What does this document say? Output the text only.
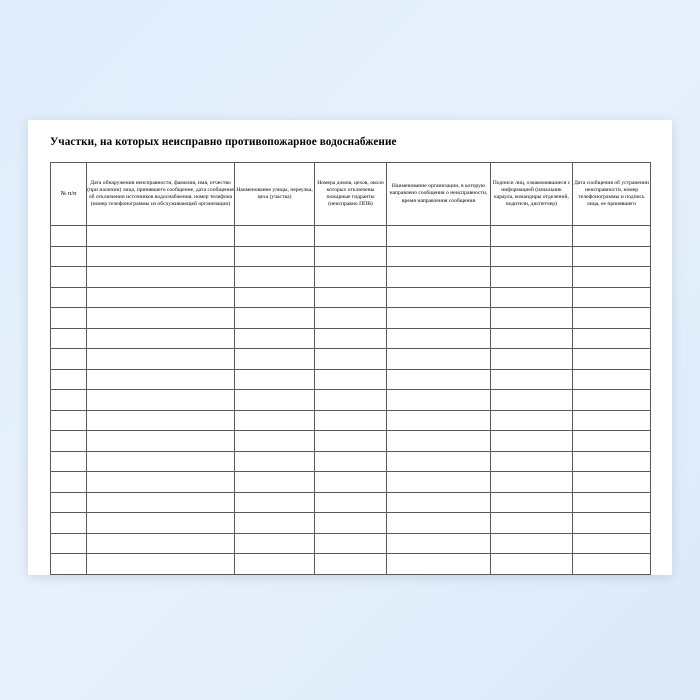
Участки, на которых неисправно противопожарное водоснабжение
№ п/п	Дата обнаружения неисправности, фамилия, имя, отчество (при наличии) лица, принявшего сообщение, дата сообщения об отключении источников водоснабжения, номер телефона (номер телефонограммы из обслуживающей организации)	Наименование улицы, переулка, цеха (участка)	Номера домов, цехов, около которых отключены пожарные гидранты (неисправно ППВ)	Наименование организации, в которую направлено сообщения о неисправности, время направления сообщения	Подписи лиц, ознакомившиеся с информацией (начальник караула, командиры отделений, водители, диспетчер)	Дата сообщения об устранении неисправности, номер телефонограммы и подпись лица, ее принявшего
